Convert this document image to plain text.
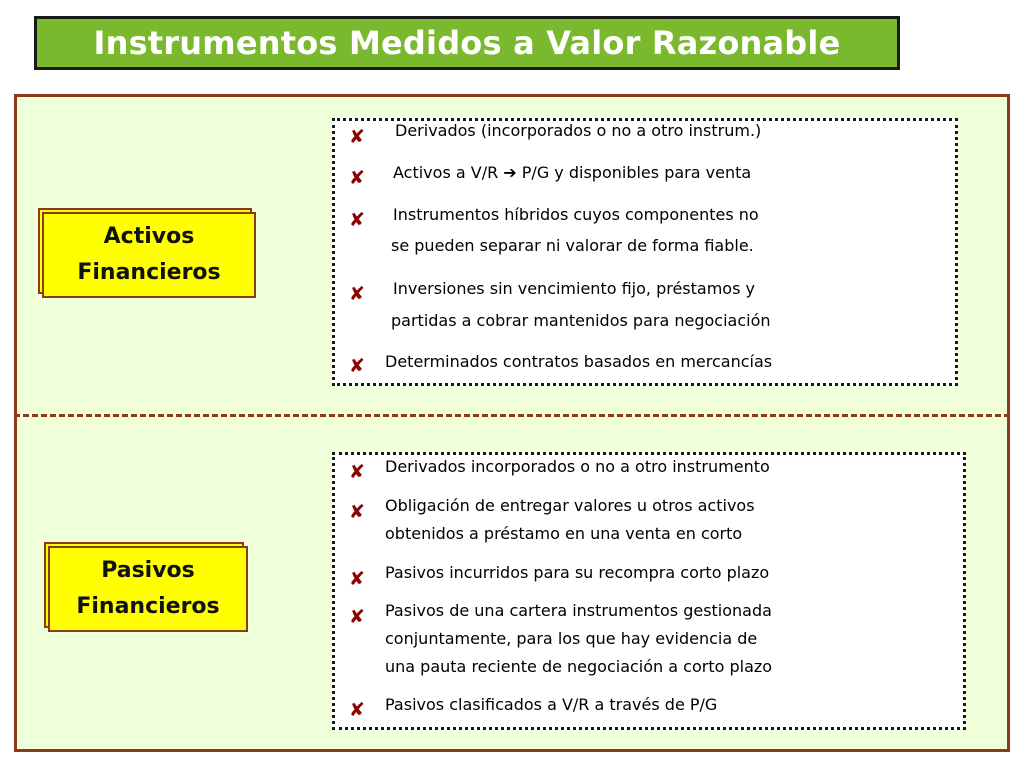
Instrumentos Medidos a Valor Razonable
Activos
Financieros
Pasivos
Financieros
✘ Derivados (incorporados o no a otro instrum.)
✘ Activos a V/R ➔ P/G y disponibles para venta
✘ Instrumentos híbridos cuyos componentes no
se pueden separar ni valorar de forma fiable.
✘ Inversiones sin vencimiento fijo, préstamos y
partidas a cobrar mantenidos para negociación
✘ Determinados contratos basados en mercancías
✘ Derivados incorporados o no a otro instrumento
✘ Obligación de entregar valores u otros activos
obtenidos a préstamo en una venta en corto
✘ Pasivos incurridos para su recompra corto plazo
✘ Pasivos de una cartera instrumentos gestionada
conjuntamente, para los que hay evidencia de
una pauta reciente de negociación a corto plazo
✘ Pasivos clasificados a V/R a través de P/G
